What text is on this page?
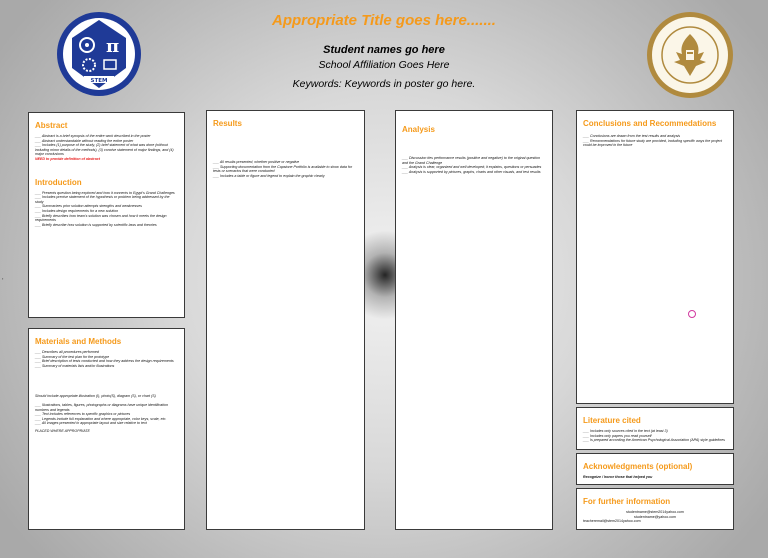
▪
π
STEM
Appropriate Title goes here.......
Student names go here
School Affiliation Goes Here
Keywords: Keywords in poster go here.
Abstract
___ Abstract is a brief synopsis of the entire work described in the poster
___ Abstract understandable without reading the entire poster
___ Includes (1) purpose of the study, (2) brief statement of what was done (without including minor details of the methods), (3) concise statement of major findings, and (4) major conclusions
NEED to provide definition of abstract
Introduction
___ Presents question being explored and how it connects to Egypt's Grand Challenges
___ Includes precise statement of the hypothesis or problem being addressed by the study
___ Summarizes prior solution attempts strengths and weaknesses
___ Includes design requirements for a new solution
___ Briefly describes how team's solution was chosen and how it meets the design requirements
___ Briefly describe how solution is supported by scientific laws and theories
Materials and Methods
___ Describes all procedures performed
___ Summary of the test plan for the prototype
___ Brief description of tests conducted and how they address the design requirements
___ Summary of materials lists and/or illustrations
Should include appropriate illustration (I), photo(S), diagram (S), or chart (S)
___ Illustrations, tables, figures, photographs or diagrams have unique identification numbers and legends
___ Text includes references to specific graphics or pictures
___ Legends include full explanation and where appropriate, color keys, scale, etc.
___ All images presented in appropriate layout and size relative to text
PLACED WHERE APPROPRIATE
Results
___ All results presented, whether positive or negative
___ Supporting documentation from the Capstone Portfolio is available to show data for tests or scenarios that were conducted
___ Includes a table or figure and legend to explain the graphic clearly
Analysis
___ Discussion ties performance results (positive and negative) to the original question and the Grand Challenge
___ Analysis is clear, organized and well developed; it explains, questions or persuades
___ Analysis is supported by pictures, graphs, charts and other visuals, and test results
Conclusions and Recommedations
___ Conclusions are drawn from the test results and analysis
___ Recommendations for future study are provided, including specific ways the project could be improved in the future
Literature cited
___ Includes only sources cited in the text (at least 3)
___ Includes only papers you read yourself
___ Is prepared according the American Psychological Association (APA) style guidelines
Acknowledgments (optional)
Recognize / honor those that helped you
For further information
studentname@stem2014yahoo.com
studentname@yahoo.com
teacheremail@stem2014yahoo.com
